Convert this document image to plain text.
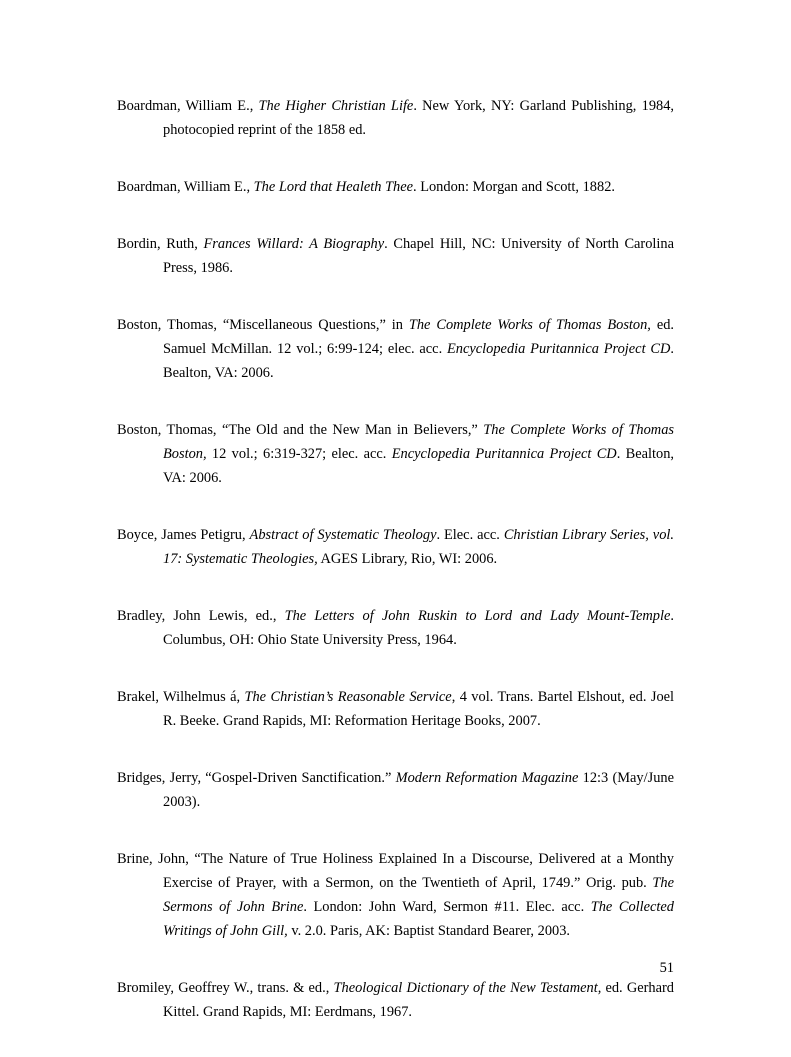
Boardman, William E., The Higher Christian Life. New York, NY: Garland Publishing, 1984, photocopied reprint of the 1858 ed.
Boardman, William E., The Lord that Healeth Thee. London: Morgan and Scott, 1882.
Bordin, Ruth, Frances Willard: A Biography. Chapel Hill, NC: University of North Carolina Press, 1986.
Boston, Thomas, “Miscellaneous Questions,” in The Complete Works of Thomas Boston, ed. Samuel McMillan. 12 vol.; 6:99-124; elec. acc. Encyclopedia Puritannica Project CD. Bealton, VA: 2006.
Boston, Thomas, “The Old and the New Man in Believers,” The Complete Works of Thomas Boston, 12 vol.; 6:319-327; elec. acc. Encyclopedia Puritannica Project CD. Bealton, VA: 2006.
Boyce, James Petigru, Abstract of Systematic Theology. Elec. acc. Christian Library Series, vol. 17: Systematic Theologies, AGES Library, Rio, WI: 2006.
Bradley, John Lewis, ed., The Letters of John Ruskin to Lord and Lady Mount-Temple. Columbus, OH: Ohio State University Press, 1964.
Brakel, Wilhelmus á, The Christian’s Reasonable Service, 4 vol. Trans. Bartel Elshout, ed. Joel R. Beeke. Grand Rapids, MI: Reformation Heritage Books, 2007.
Bridges, Jerry, “Gospel-Driven Sanctification.” Modern Reformation Magazine 12:3 (May/June 2003).
Brine, John, “The Nature of True Holiness Explained In a Discourse, Delivered at a Monthy Exercise of Prayer, with a Sermon, on the Twentieth of April, 1749.” Orig. pub. The Sermons of John Brine. London: John Ward, Sermon #11. Elec. acc. The Collected Writings of John Gill, v. 2.0. Paris, AK: Baptist Standard Bearer, 2003.
Bromiley, Geoffrey W., trans. & ed., Theological Dictionary of the New Testament, ed. Gerhard Kittel. Grand Rapids, MI: Eerdmans, 1967.
51
